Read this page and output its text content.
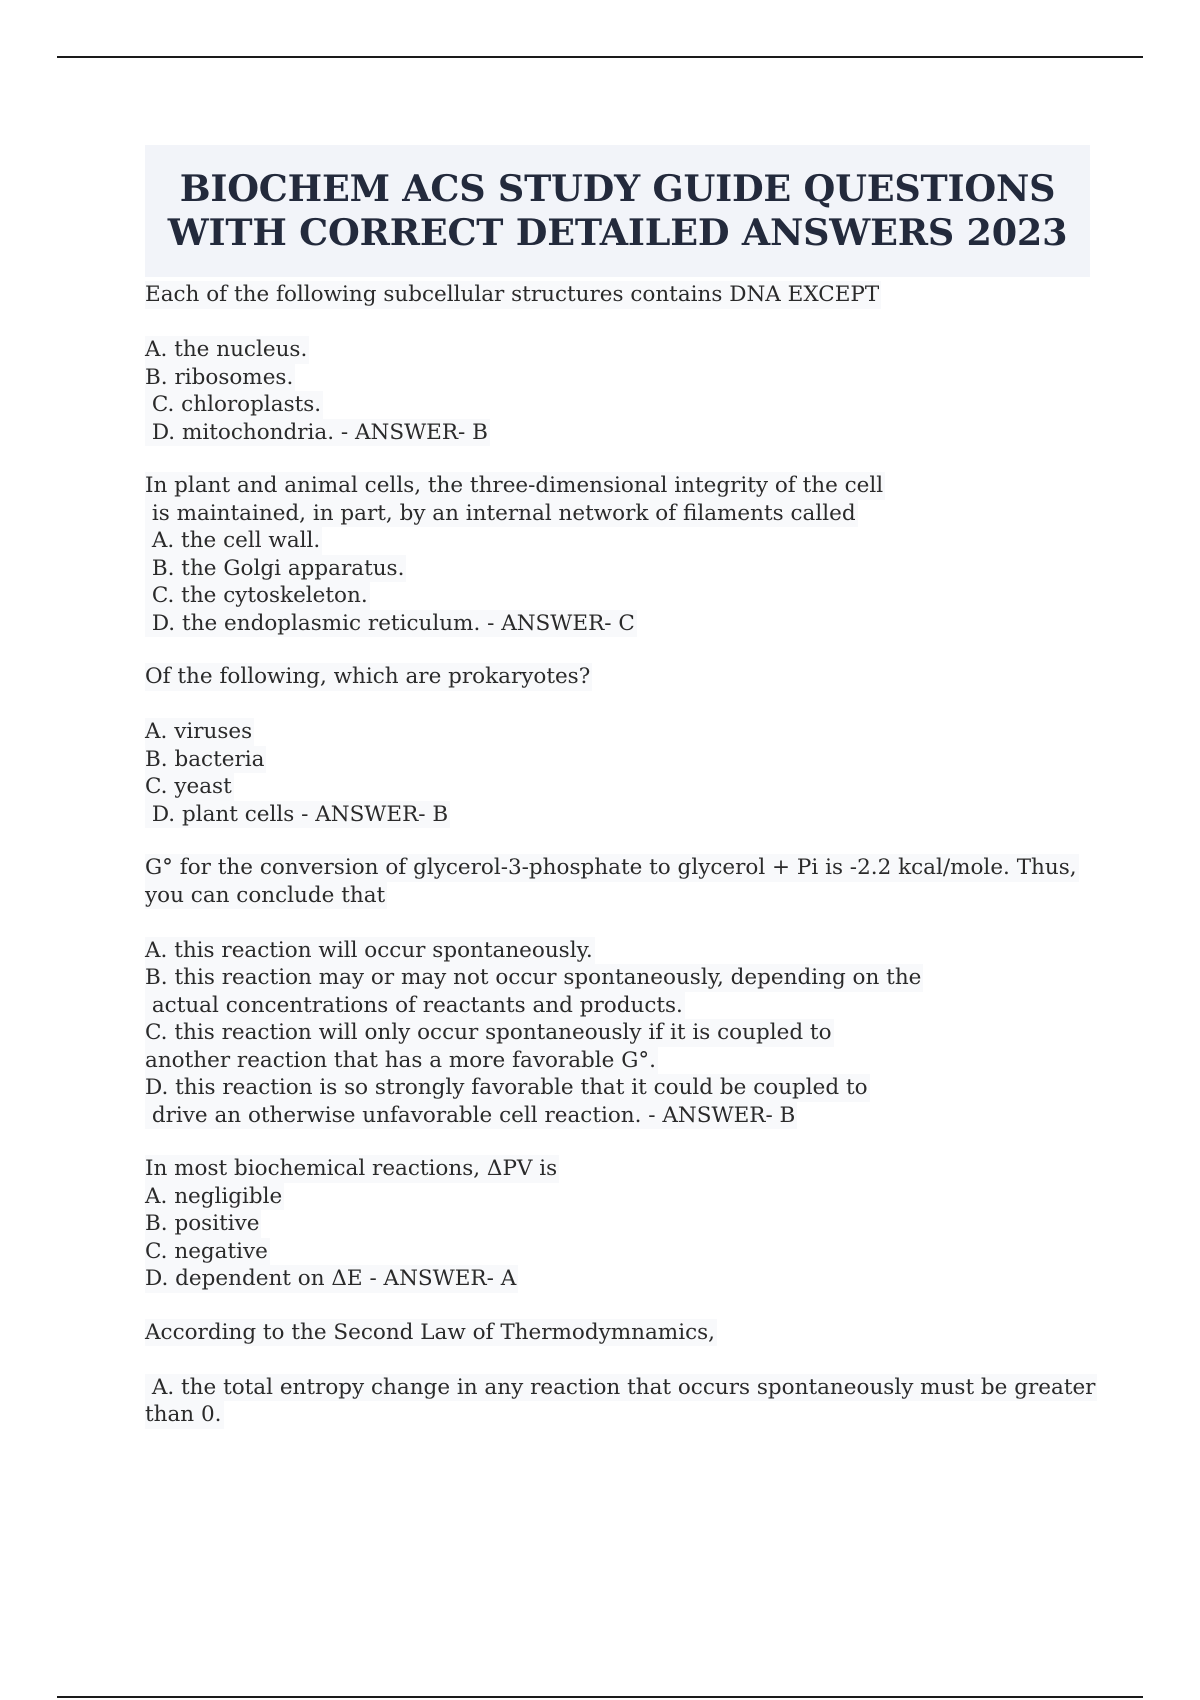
BIOCHEM ACS STUDY GUIDE QUESTIONS
WITH CORRECT DETAILED ANSWERS 2023
Each of the following subcellular structures contains DNA EXCEPT
A. the nucleus.
B. ribosomes.
C. chloroplasts.
D. mitochondria. - ANSWER- B
In plant and animal cells, the three-dimensional integrity of the cell
is maintained, in part, by an internal network of filaments called
A. the cell wall.
B. the Golgi apparatus.
C. the cytoskeleton.
D. the endoplasmic reticulum. - ANSWER- C
Of the following, which are prokaryotes?
A. viruses
B. bacteria
C. yeast
D. plant cells - ANSWER- B
G° for the conversion of glycerol-3-phosphate to glycerol + Pi is -2.2 kcal/mole. Thus,
you can conclude that
A. this reaction will occur spontaneously.
B. this reaction may or may not occur spontaneously, depending on the
actual concentrations of reactants and products.
C. this reaction will only occur spontaneously if it is coupled to
another reaction that has a more favorable G°.
D. this reaction is so strongly favorable that it could be coupled to
drive an otherwise unfavorable cell reaction. - ANSWER- B
In most biochemical reactions, ΔPV is
A. negligible
B. positive
C. negative
D. dependent on ΔE - ANSWER- A
According to the Second Law of Thermodymnamics,
A. the total entropy change in any reaction that occurs spontaneously must be greater
than 0.
